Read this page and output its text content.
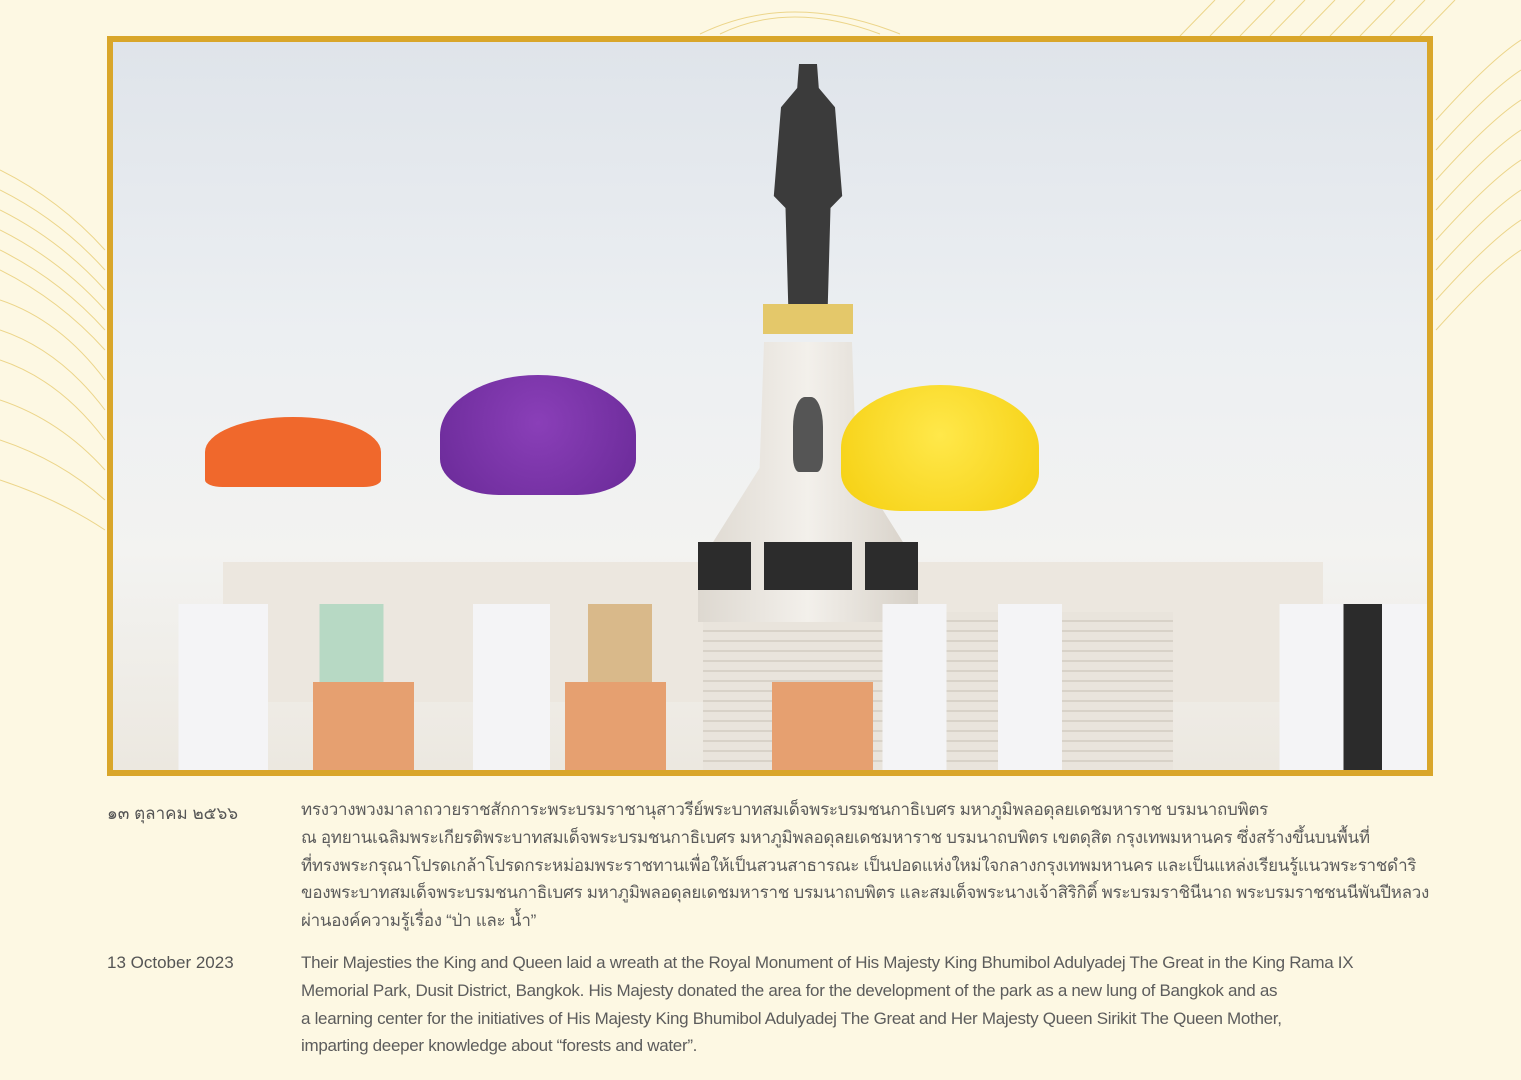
๑๓ ตุลาคม ๒๕๖๖	ทรงวางพวงมาลาถวายราชสักการะพระบรมราชานุสาวรีย์พระบาทสมเด็จพระบรมชนกาธิเบศร มหาภูมิพลอดุลยเดชมหาราช บรมนาถบพิตร
ณ อุทยานเฉลิมพระเกียรติพระบาทสมเด็จพระบรมชนกาธิเบศร มหาภูมิพลอดุลยเดชมหาราช บรมนาถบพิตร เขตดุสิต กรุงเทพมหานคร ซึ่งสร้างขึ้นบนพื้นที่
ที่ทรงพระกรุณาโปรดเกล้าโปรดกระหม่อมพระราชทานเพื่อให้เป็นสวนสาธารณะ เป็นปอดแห่งใหม่ใจกลางกรุงเทพมหานคร และเป็นแหล่งเรียนรู้แนวพระราชดำริ
ของพระบาทสมเด็จพระบรมชนกาธิเบศร มหาภูมิพลอดุลยเดชมหาราช บรมนาถบพิตร และสมเด็จพระนางเจ้าสิริกิติ์ พระบรมราชินีนาถ พระบรมราชชนนีพันปีหลวง
ผ่านองค์ความรู้เรื่อง “ป่า และ น้ำ”
13 October 2023	Their Majesties the King and Queen laid a wreath at the Royal Monument of His Majesty King Bhumibol Adulyadej The Great in the King Rama IX
Memorial Park, Dusit District, Bangkok. His Majesty donated the area for the development of the park as a new lung of Bangkok and as
a learning center for the initiatives of His Majesty King Bhumibol Adulyadej The Great and Her Majesty Queen Sirikit The Queen Mother,
imparting deeper knowledge about “forests and water”.
